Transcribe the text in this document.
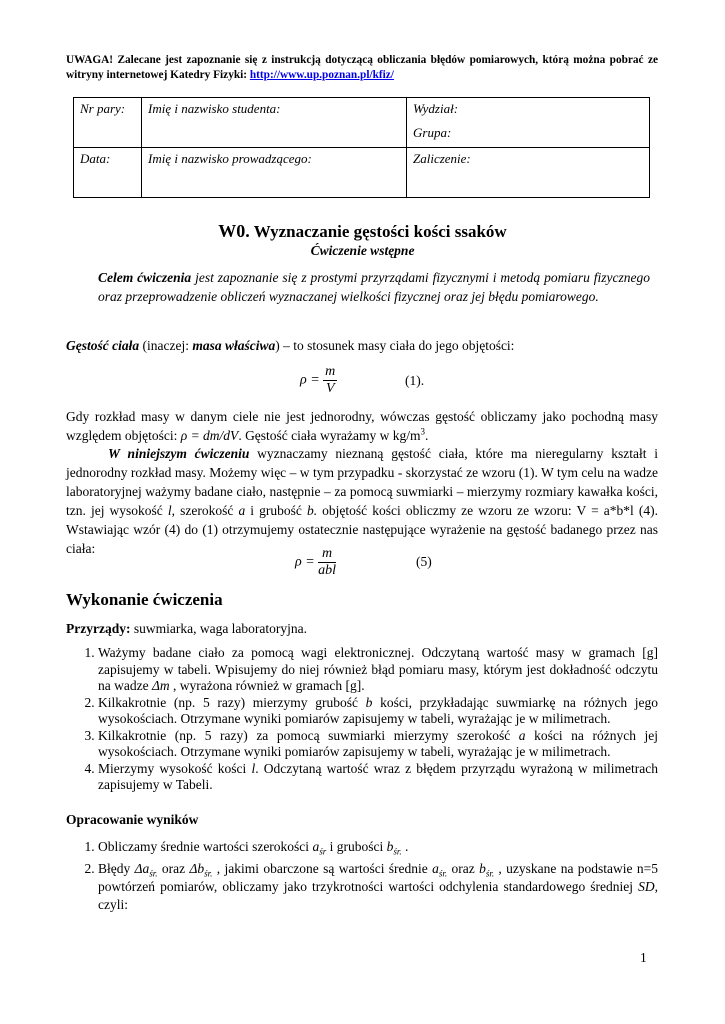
UWAGA! Zalecane jest zapoznanie się z instrukcją dotyczącą obliczania błędów pomiarowych, którą można pobrać ze witryny internetowej Katedry Fizyki: http://www.up.poznan.pl/kfiz/
Nr pary:	Imię i nazwisko studenta:	Wydział:
Grupa:

Data:	Imię i nazwisko prowadzącego:	Zaliczenie:
W0. Wyznaczanie gęstości kości ssaków
Ćwiczenie wstępne
Celem ćwiczenia jest zapoznanie się z prostymi przyrządami fizycznymi i metodą pomiaru fizycznego oraz przeprowadzenie obliczeń wyznaczanej wielkości fizycznej oraz jej błędu pomiarowego.
Gęstość ciała (inaczej: masa właściwa) – to stosunek masy ciała do jego objętości:
$\rho = \frac{m}{V}$	(1).
Gdy rozkład masy w danym ciele nie jest jednorodny, wówczas gęstość obliczamy jako pochodną masy względem objętości: ρ = dm/dV. Gęstość ciała wyrażamy w $kg/m^3$.
W niniejszym ćwiczeniu wyznaczamy nieznaną gęstość ciała, które ma nieregularny kształt i jednorodny rozkład masy. Możemy więc – w tym przypadku - skorzystać ze wzoru (1). W tym celu na wadze laboratoryjnej ważymy badane ciało, następnie – za pomocą suwmiarki – mierzymy rozmiary kawałka kości, tzn. jej wysokość l, szerokość a i grubość b. objętość kości obliczmy ze wzoru ze wzoru: V = a*b*l (4). Wstawiając wzór (4) do (1) otrzymujemy ostatecznie następujące wyrażenie na gęstość badanego przez nas ciała:
$\rho = \frac{m}{\text{abl}}$	(5)
Wykonanie ćwiczenia
Przyrządy: suwmiarka, waga laboratoryjna.
1. Ważymy badane ciało za pomocą wagi elektronicznej. Odczytaną wartość masy w gramach [g] zapisujemy w tabeli. Wpisujemy do niej również błąd pomiaru masy, którym jest dokładność odczytu na wadze Δm , wyrażona również w gramach [g].
2. Kilkakrotnie (np. 5 razy) mierzymy grubość b kości, przykładając suwmiarkę na różnych jego wysokościach. Otrzymane wyniki pomiarów zapisujemy w tabeli, wyrażając je w milimetrach.
3. Kilkakrotnie (np. 5 razy) za pomocą suwmiarki mierzymy szerokość a kości na różnych jej wysokościach. Otrzymane wyniki pomiarów zapisujemy w tabeli, wyrażając je w milimetrach.
4. Mierzymy wysokość kości l. Odczytaną wartość wraz z błędem przyrządu wyrażoną w milimetrach zapisujemy w Tabeli.
Opracowanie wyników
1. Obliczamy średnie wartości szerokości $a_{śr}$ i grubości $b_{śr.}$ .
2. Błędy $\Delta a_{śr.}$ oraz $\Delta b_{śr.}$ , jakimi obarczone są wartości średnie $a_{śr.}$ oraz $b_{śr.}$ , uzyskane na podstawie n=5 powtórzeń pomiarów, obliczamy jako trzykrotności wartości odchylenia standardowego średniej SD, czyli:
1
